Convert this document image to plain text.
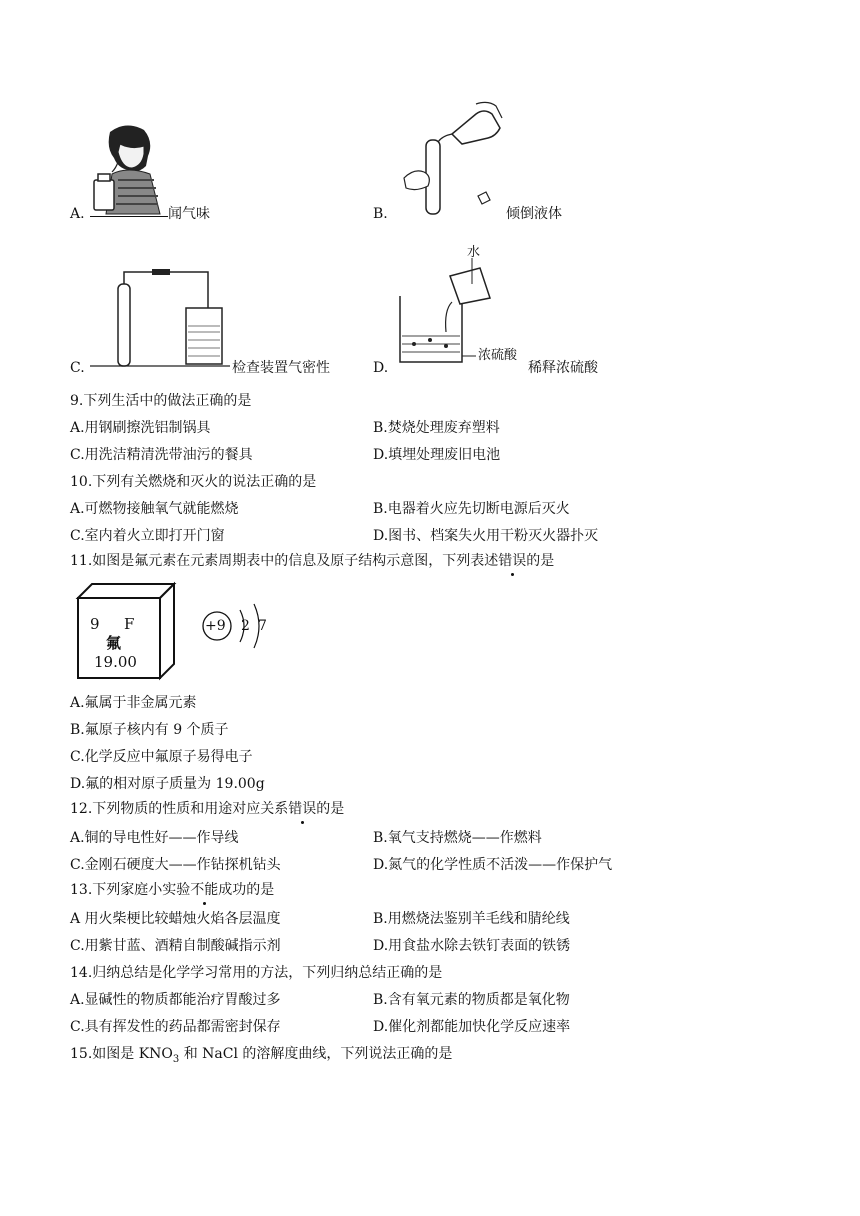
A.	闻气味	B.	倾倒液体
C.	检查装置气密性
水
浓硫酸
D.	稀释浓硫酸
9.下列生活中的做法正确的是
A.用钢刷擦洗铝制锅具	B.焚烧处理废弃塑料
C.用洗洁精清洗带油污的餐具	D.填埋处理废旧电池
10.下列有关燃烧和灭火的说法正确的是
A.可燃物接触氧气就能燃烧	B.电器着火应先切断电源后灭火
C.室内着火立即打开门窗	D.图书、档案失火用干粉灭火器扑灭
11.如图是氟元素在元素周期表中的信息及原子结构示意图，下列表述错误的是
9 F
氟
19.00
+9 2 7
A.氟属于非金属元素
B.氟原子核内有 9 个质子
C.化学反应中氟原子易得电子
D.氟的相对原子质量为 19.00g
12.下列物质的性质和用途对应关系错误的是
A.铜的导电性好——作导线	B.氧气支持燃烧——作燃料
C.金刚石硬度大——作钻探机钻头	D.氮气的化学性质不活泼——作保护气
13.下列家庭小实验不能成功的是
A 用火柴梗比较蜡烛火焰各层温度	B.用燃烧法鉴别羊毛线和腈纶线
C.用紫甘蓝、酒精自制酸碱指示剂	D.用食盐水除去铁钉表面的铁锈
14.归纳总结是化学学习常用的方法，下列归纳总结正确的是
A.显碱性的物质都能治疗胃酸过多	B.含有氧元素的物质都是氧化物
C.具有挥发性的药品都需密封保存	D.催化剂都能加快化学反应速率
15.如图是 $KNO_3$ 和 NaCl 的溶解度曲线，下列说法正确的是
